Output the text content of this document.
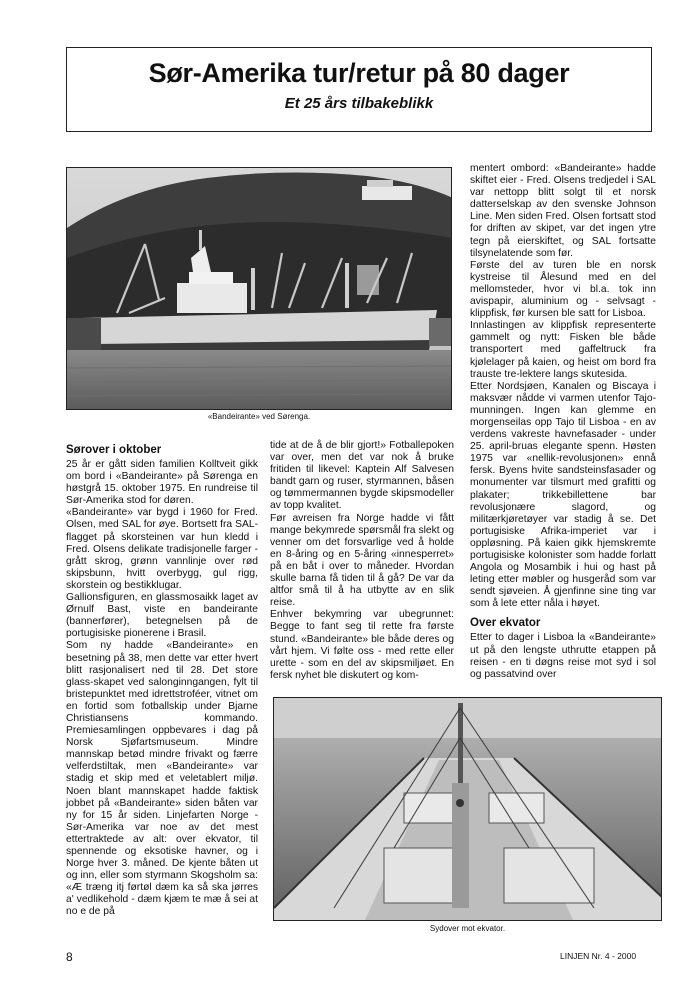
Sør-Amerika tur/retur på 80 dager
Et 25 års tilbakeblikk
«Bandeirante» ved Sørenga.
Sørover i oktober

25 år er gått siden familien Kolltveit gikk om bord i «Bandeirante» på Sørenga en høstgrå 15. oktober 1975. En rundreise til Sør-Amerika stod for døren.

«Bandeirante» var bygd i 1960 for Fred. Olsen, med SAL for øye. Bortsett fra SAL-flagget på skorsteinen var hun kledd i Fred. Olsens delikate tradisjonelle farger - grått skrog, grønn vannlinje over rød skipsbunn, hvitt overbygg, gul rigg, skorstein og bestikklugar.

Gallionsfiguren, en glassmosaikk laget av Ørnulf Bast, viste en bandeirante (bannerfører), betegnelsen på de portugisiske pionerene i Brasil.

Som ny hadde «Bandeirante» en besetning på 38, men dette var etter hvert blitt rasjonalisert ned til 28. Det store glass-skapet ved salonginngangen, fylt til bristepunktet med idrettstroféer, vitnet om en fortid som fotballskip under Bjarne Christiansens kommando. Premiesamlingen oppbevares i dag på Norsk Sjøfartsmuseum. Mindre mannskap betød mindre frivakt og færre velferdstiltak, men «Bandeirante» var stadig et skip med et veletablert miljø. Noen blant mannskapet hadde faktisk jobbet på «Bandeirante» siden båten var ny for 15 år siden. Linjefarten Norge - Sør-Amerika var noe av det mest ettertraktede av alt: over ekvator, til spennende og eksotiske havner, og i Norge hver 3. måned. De kjente båten ut og inn, eller som styrmann Skogsholm sa: «Æ træng itj førtøl dæm ka så ska jørres a' vedlikehold - dæm kjæm te mæ å sei at no e de på

tide at de å de blir gjort!» Fotballepoken var over, men det var nok å bruke fritiden til likevel: Kaptein Alf Salvesen bandt garn og ruser, styrmannen, båsen og tømmermannen bygde skipsmodeller av topp kvalitet.

Før avreisen fra Norge hadde vi fått mange bekymrede spørsmål fra slekt og venner om det forsvarlige ved å holde en 8-åring og en 5-åring «innesperret» på en båt i over to måneder. Hvordan skulle barna få tiden til å gå? De var da altfor små til å ha utbytte av en slik reise.

Enhver bekymring var ubegrunnet: Begge to fant seg til rette fra første stund. «Bandeirante» ble både deres og vårt hjem. Vi følte oss - med rette eller urette - som en del av skipsmiljøet. En fersk nyhet ble diskutert og kom-

mentert ombord: «Bandeirante» hadde skiftet eier - Fred. Olsens tredjedel i SAL var nettopp blitt solgt til et norsk datterselskap av den svenske Johnson Line. Men siden Fred. Olsen fortsatt stod for driften av skipet, var det ingen ytre tegn på eierskiftet, og SAL fortsatte tilsynelatende som før.

Første del av turen ble en norsk kystreise til Ålesund med en del mellomsteder, hvor vi bl.a. tok inn avispapir, aluminium og - selvsagt - klippfisk, før kursen ble satt for Lisboa.

Innlastingen av klippfisk representerte gammelt og nytt: Fisken ble både transportert med gaffeltruck fra kjølelager på kaien, og heist om bord fra trauste tre-lektere langs skutesida.

Etter Nordsjøen, Kanalen og Biscaya i maksvær nådde vi varmen utenfor Tajo-munningen. Ingen kan glemme en morgenseilas opp Tajo til Lisboa - en av verdens vakreste havnefasader - under 25. april-bruas elegante spenn. Høsten 1975 var «nellik-revolusjonen» ennå fersk. Byens hvite sandsteinsfasader og monumenter var tilsmurt med grafitti og plakater; trikkebillettene bar revolusjonære slagord, og militærkjøretøyer var stadig å se. Det portugisiske Afrika-imperiet var i oppløsning. På kaien gikk hjemskremte portugisiske kolonister som hadde forlatt Angola og Mosambik i hui og hast på leting etter møbler og husgeråd som var sendt sjøveien. Å gjenfinne sine ting var som å lete etter nåla i høyet.

Over ekvator

Etter to dager i Lisboa la «Bandeirante» ut på den lengste uthrutte etappen på reisen - en ti døgns reise mot syd i sol og passatvind over

Sydover mot ekvator.
8	LINJEN Nr. 4 - 2000
